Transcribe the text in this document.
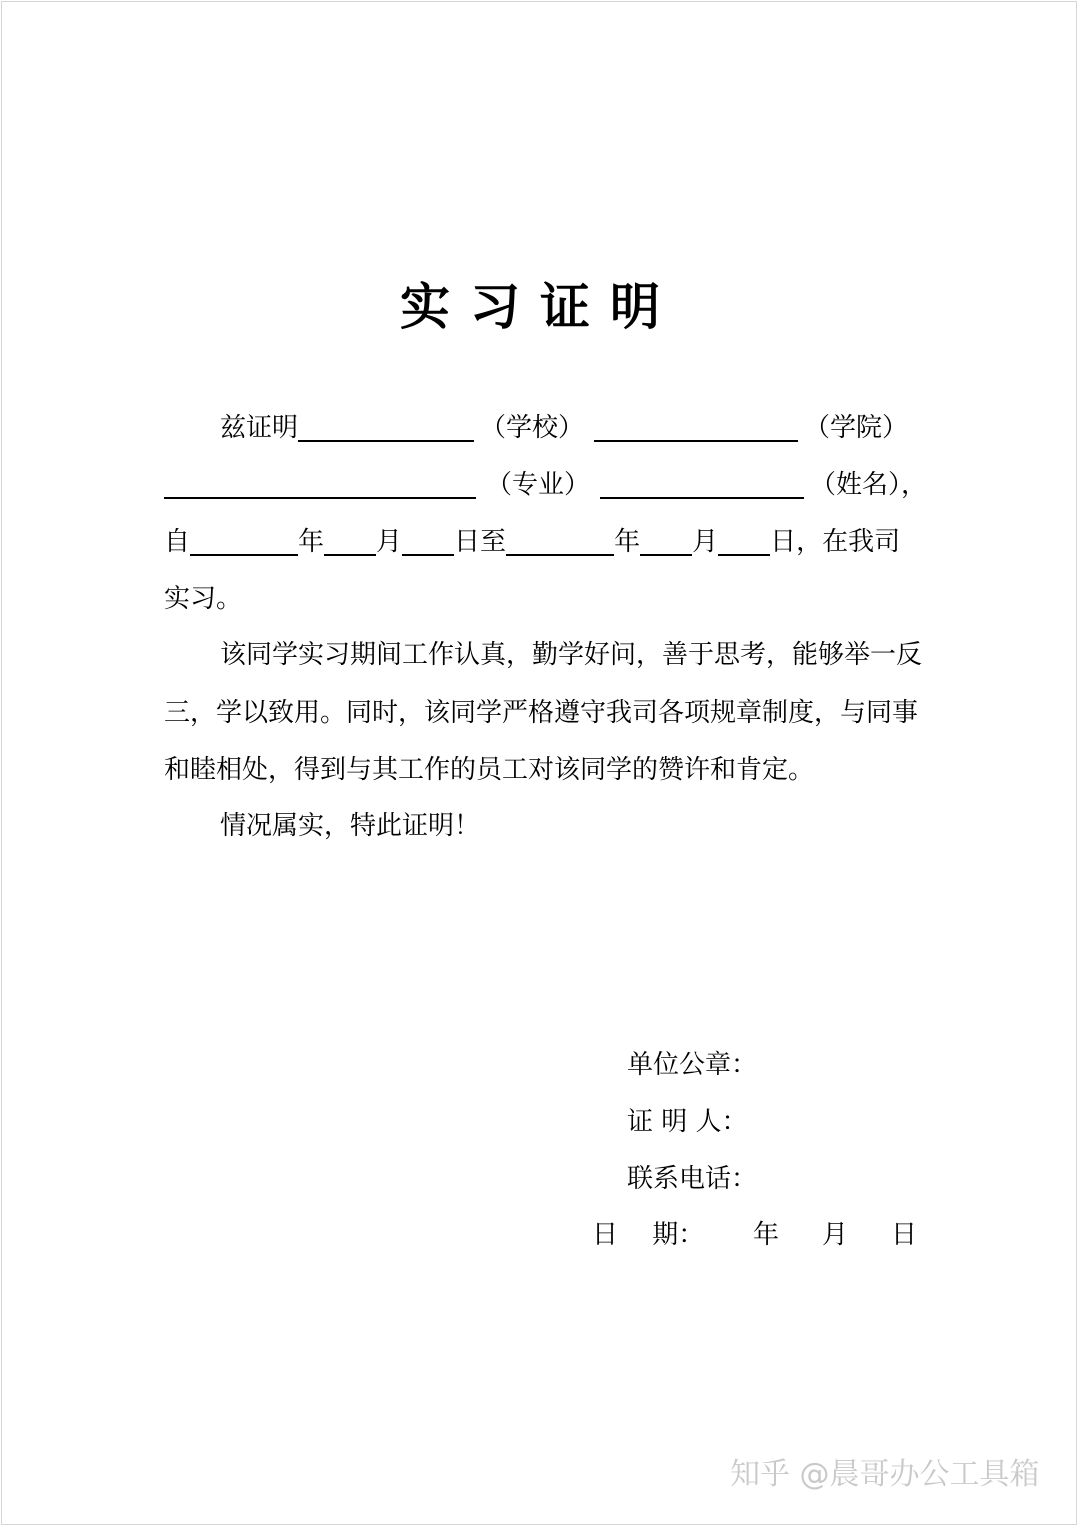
实习证明
兹证明	（学校）	（学院）
（专业）	（姓名），
自	年 月 日至	年 月 日，在我司
实习。
该同学实习期间工作认真，勤学好问，善于思考，能够举一反三，学以致用。同时，该同学严格遵守我司各项规章制度，与同事和睦相处，得到与其工作的员工对该同学的赞许和肯定。
情况属实，特此证明！
单位公章：
证 明 人：
联系电话：
日　 期： 年 月 日
知乎 @晨哥办公工具箱
